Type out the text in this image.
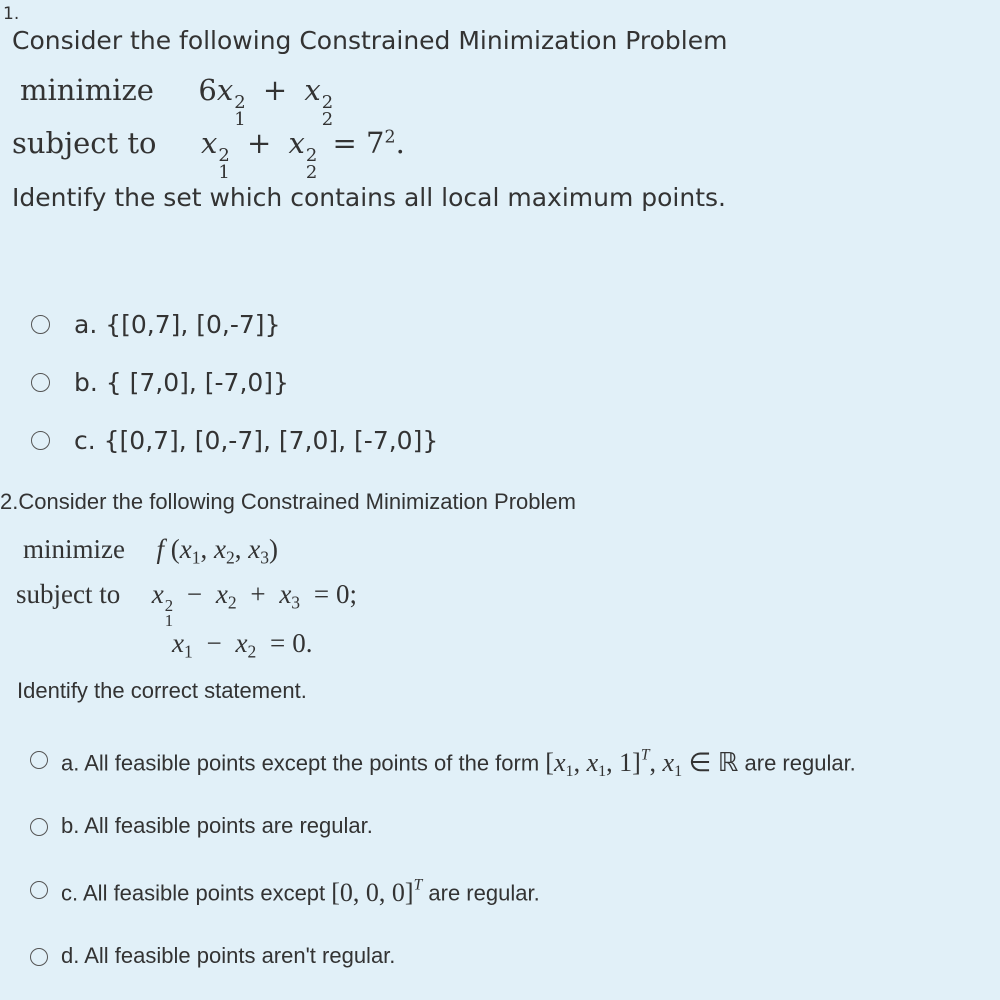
1.
Consider the following Constrained Minimization Problem
minimize 6x 2
1
+ x 2
2
subject to x 2
1
+ x 2
2
= $7^2$.
Identify the set which contains all local maximum points.
a. {[0,7], [0,-7]}
b. { [7,0], [-7,0]}
c. {[0,7], [0,-7], [7,0], [-7,0]}
2.Consider the following Constrained Minimization Problem
minimize f (x1, x2, x3)
subject to x 2
1
− x2 + x3 = 0;
x1 − x2 = 0.
Identify the correct statement.
a. All feasible points except the points of the form [x1, x1, 1]$^T$, x1 ∈ ℝ are regular.
b. All feasible points are regular.
c. All feasible points except [0, 0, 0]$^T$ are regular.
d. All feasible points aren't regular.
